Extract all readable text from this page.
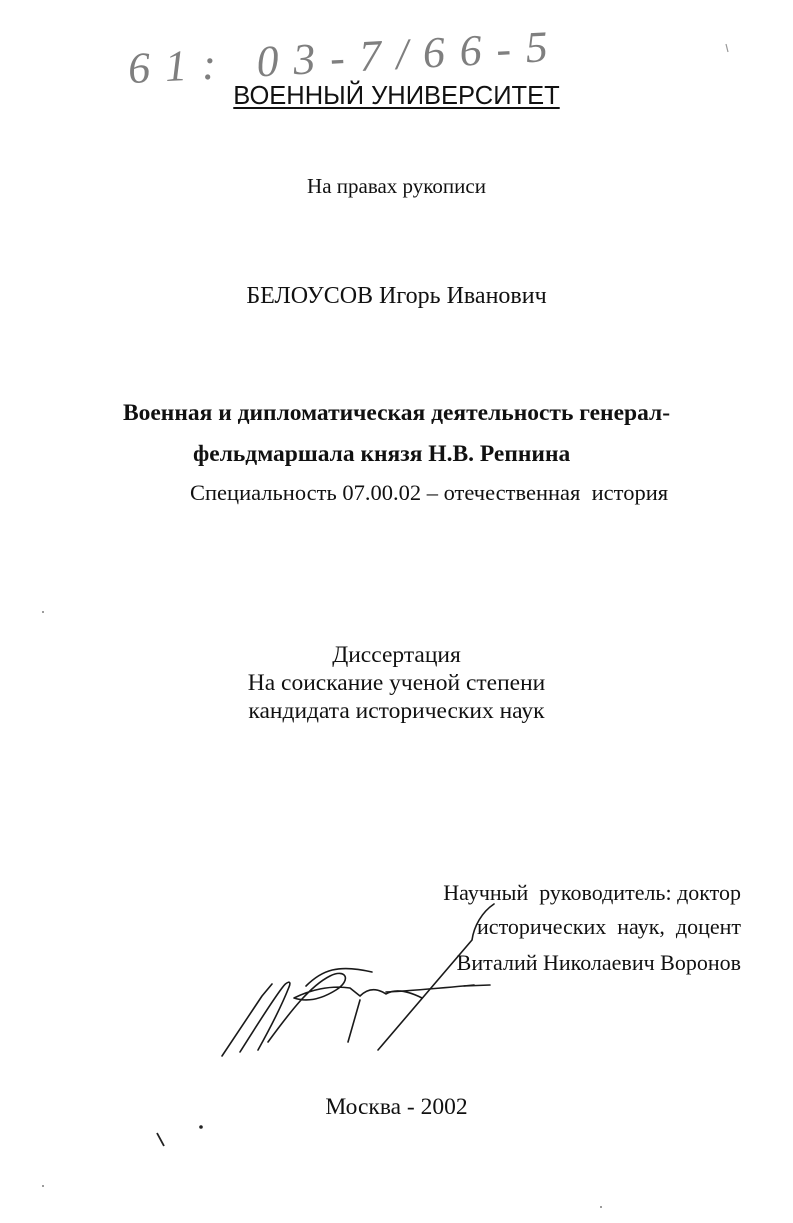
61: 03-7/66-5
ВОЕННЫЙ УНИВЕРСИТЕТ
На правах рукописи
БЕЛОУСОВ Игорь Иванович
Военная и дипломатическая деятельность генерал-
фельдмаршала князя Н.В. Репнина
Специальность 07.00.02 – отечественная  история
Диссертация
На соискание ученой степени
кандидата исторических наук
Научный  руководитель: доктор
исторических  наук,  доцент
Виталий Николаевич Воронов
Москва - 2002
